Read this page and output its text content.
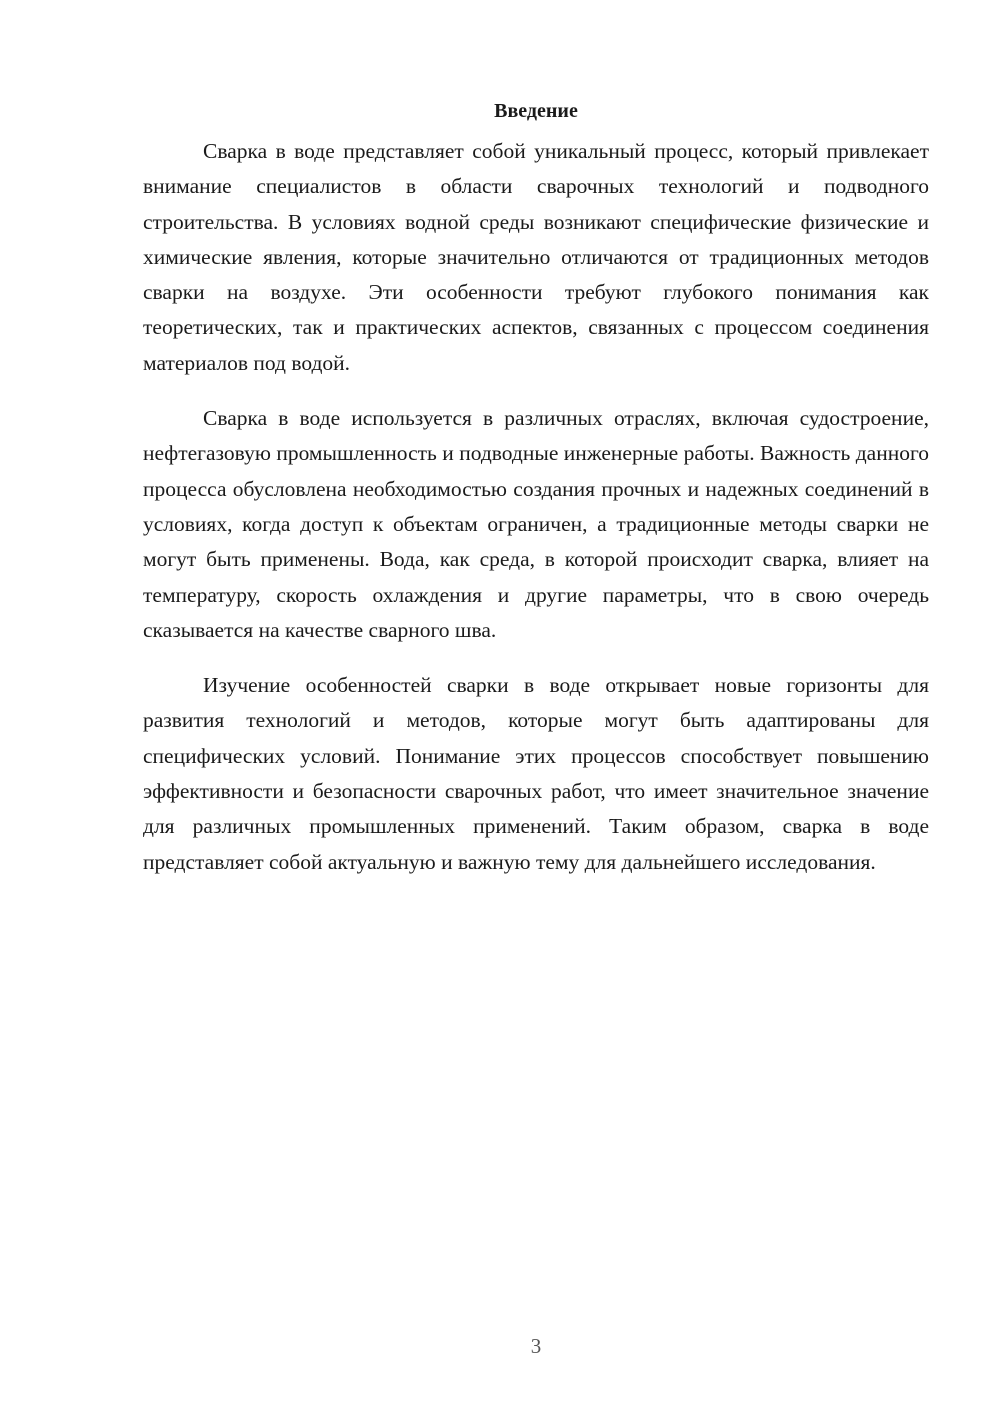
Введение

Сварка в воде представляет собой уникальный процесс, который привлекает внимание специалистов в области сварочных технологий и подводного строительства. В условиях водной среды возникают специфические физические и химические явления, которые значительно отличаются от традиционных методов сварки на воздухе. Эти особенности требуют глубокого понимания как теоретических, так и практических аспектов, связанных с процессом соединения материалов под водой.

Сварка в воде используется в различных отраслях, включая судостроение, нефтегазовую промышленность и подводные инженерные работы. Важность данного процесса обусловлена необходимостью создания прочных и надежных соединений в условиях, когда доступ к объектам ограничен, а традиционные методы сварки не могут быть применены. Вода, как среда, в которой происходит сварка, влияет на температуру, скорость охлаждения и другие параметры, что в свою очередь сказывается на качестве сварного шва.

Изучение особенностей сварки в воде открывает новые горизонты для развития технологий и методов, которые могут быть адаптированы для специфических условий. Понимание этих процессов способствует повышению эффективности и безопасности сварочных работ, что имеет значительное значение для различных промышленных применений. Таким образом, сварка в воде представляет собой актуальную и важную тему для дальнейшего исследования.

3
